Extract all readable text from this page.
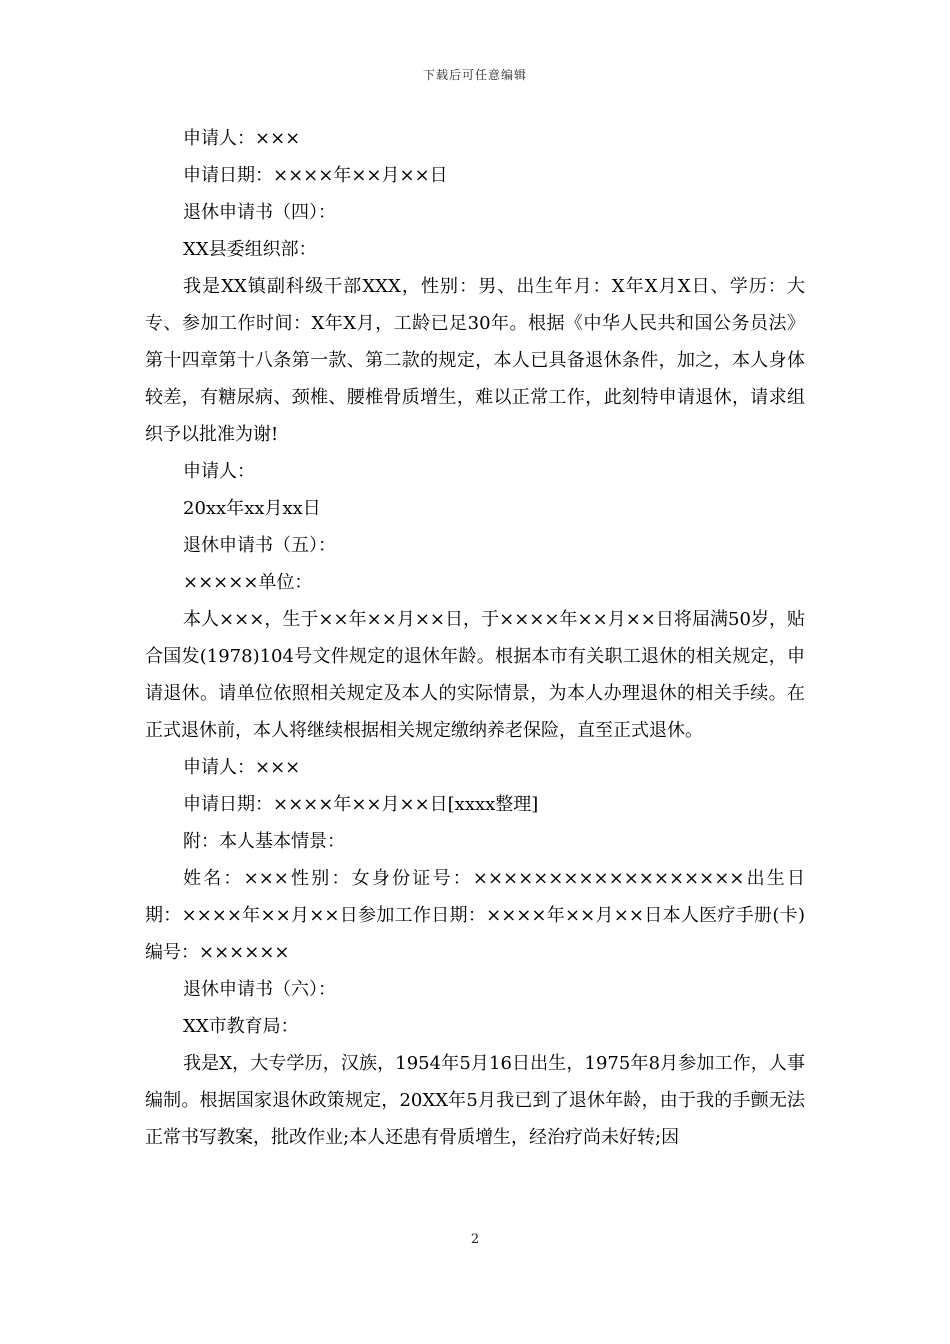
下载后可任意编辑

申请人：×××

申请日期：××××年××月××日

退休申请书（四）：

XX县委组织部：

我是XX镇副科级干部XXX，性别：男、出生年月：X年X月X日、学历：大专、参加工作时间：X年X月，工龄已足30年。根据《中华人民共和国公务员法》第十四章第十八条第一款、第二款的规定，本人已具备退休条件，加之，本人身体较差，有糖尿病、颈椎、腰椎骨质增生，难以正常工作，此刻特申请退休，请求组织予以批准为谢!

申请人：

20xx年xx月xx日

退休申请书（五）：

×××××单位：

本人×××，生于××年××月××日，于××××年××月××日将届满50岁，贴合国发(1978)104号文件规定的退休年龄。根据本市有关职工退休的相关规定，申请退休。请单位依照相关规定及本人的实际情景，为本人办理退休的相关手续。在正式退休前，本人将继续根据相关规定缴纳养老保险，直至正式退休。

申请人：×××

申请日期：××××年××月××日[xxxx整理]

附：本人基本情景：

姓名：×××性别：女身份证号：××××××××××××××××××出生日期：××××年××月××日参加工作日期：××××年××月××日本人医疗手册(卡)编号：××××××

退休申请书（六）：

XX市教育局：

我是X，大专学历，汉族，1954年5月16日出生，1975年8月参加工作，人事编制。根据国家退休政策规定，20XX年5月我已到了退休年龄，由于我的手颤无法正常书写教案，批改作业;本人还患有骨质增生，经治疗尚未好转;因

2
